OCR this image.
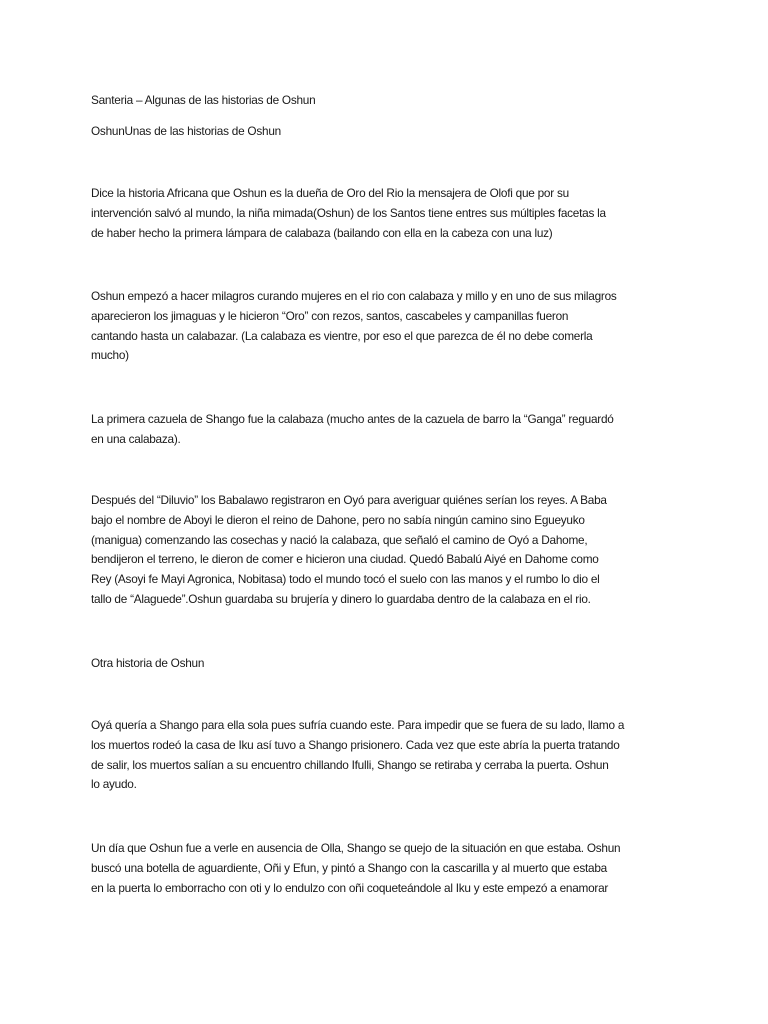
Santeria – Algunas de las historias de Oshun
OshunUnas de las historias de Oshun
Dice la historia Africana que Oshun es la dueña de Oro del Rio la mensajera de Olofi que por su
intervención salvó al mundo, la niña mimada(Oshun) de los Santos tiene entres sus múltiples facetas la
de haber hecho la primera lámpara de calabaza (bailando con ella en la cabeza con una luz)
Oshun empezó a hacer milagros curando mujeres en el rio con calabaza y millo y en uno de sus milagros
aparecieron los jimaguas y le hicieron “Oro” con rezos, santos, cascabeles y campanillas fueron
cantando hasta un calabazar. (La calabaza es vientre, por eso el que parezca de él no debe comerla
mucho)
La primera cazuela de Shango fue la calabaza (mucho antes de la cazuela de barro la “Ganga” reguardó
en una calabaza).
Después del “Diluvio” los Babalawo registraron en Oyó para averiguar quiénes serían los reyes. A Baba
bajo el nombre de Aboyi le dieron el reino de Dahone, pero no sabía ningún camino sino Egueyuko
(manigua) comenzando las cosechas y nació la calabaza, que señaló el camino de Oyó a Dahome,
bendijeron el terreno, le dieron de comer e hicieron una ciudad. Quedó Babalú Aiyé en Dahome como
Rey (Asoyi fe Mayi Agronica, Nobitasa) todo el mundo tocó el suelo con las manos y el rumbo lo dio el
tallo de “Alaguede”.Oshun guardaba su brujería y dinero lo guardaba dentro de la calabaza en el rio.
Otra historia de Oshun
Oyá quería a Shango para ella sola pues sufría cuando este. Para impedir que se fuera de su lado, llamo a
los muertos rodeó la casa de Iku así tuvo a Shango prisionero. Cada vez que este abría la puerta tratando
de salir, los muertos salían a su encuentro chillando Ifulli, Shango se retiraba y cerraba la puerta. Oshun
lo ayudo.
Un día que Oshun fue a verle en ausencia de Olla, Shango se quejo de la situación en que estaba. Oshun
buscó una botella de aguardiente, Oñi y Efun, y pintó a Shango con la cascarilla y al muerto que estaba
en la puerta lo emborracho con oti y lo endulzo con oñi coqueteándole al Iku y este empezó a enamorar
